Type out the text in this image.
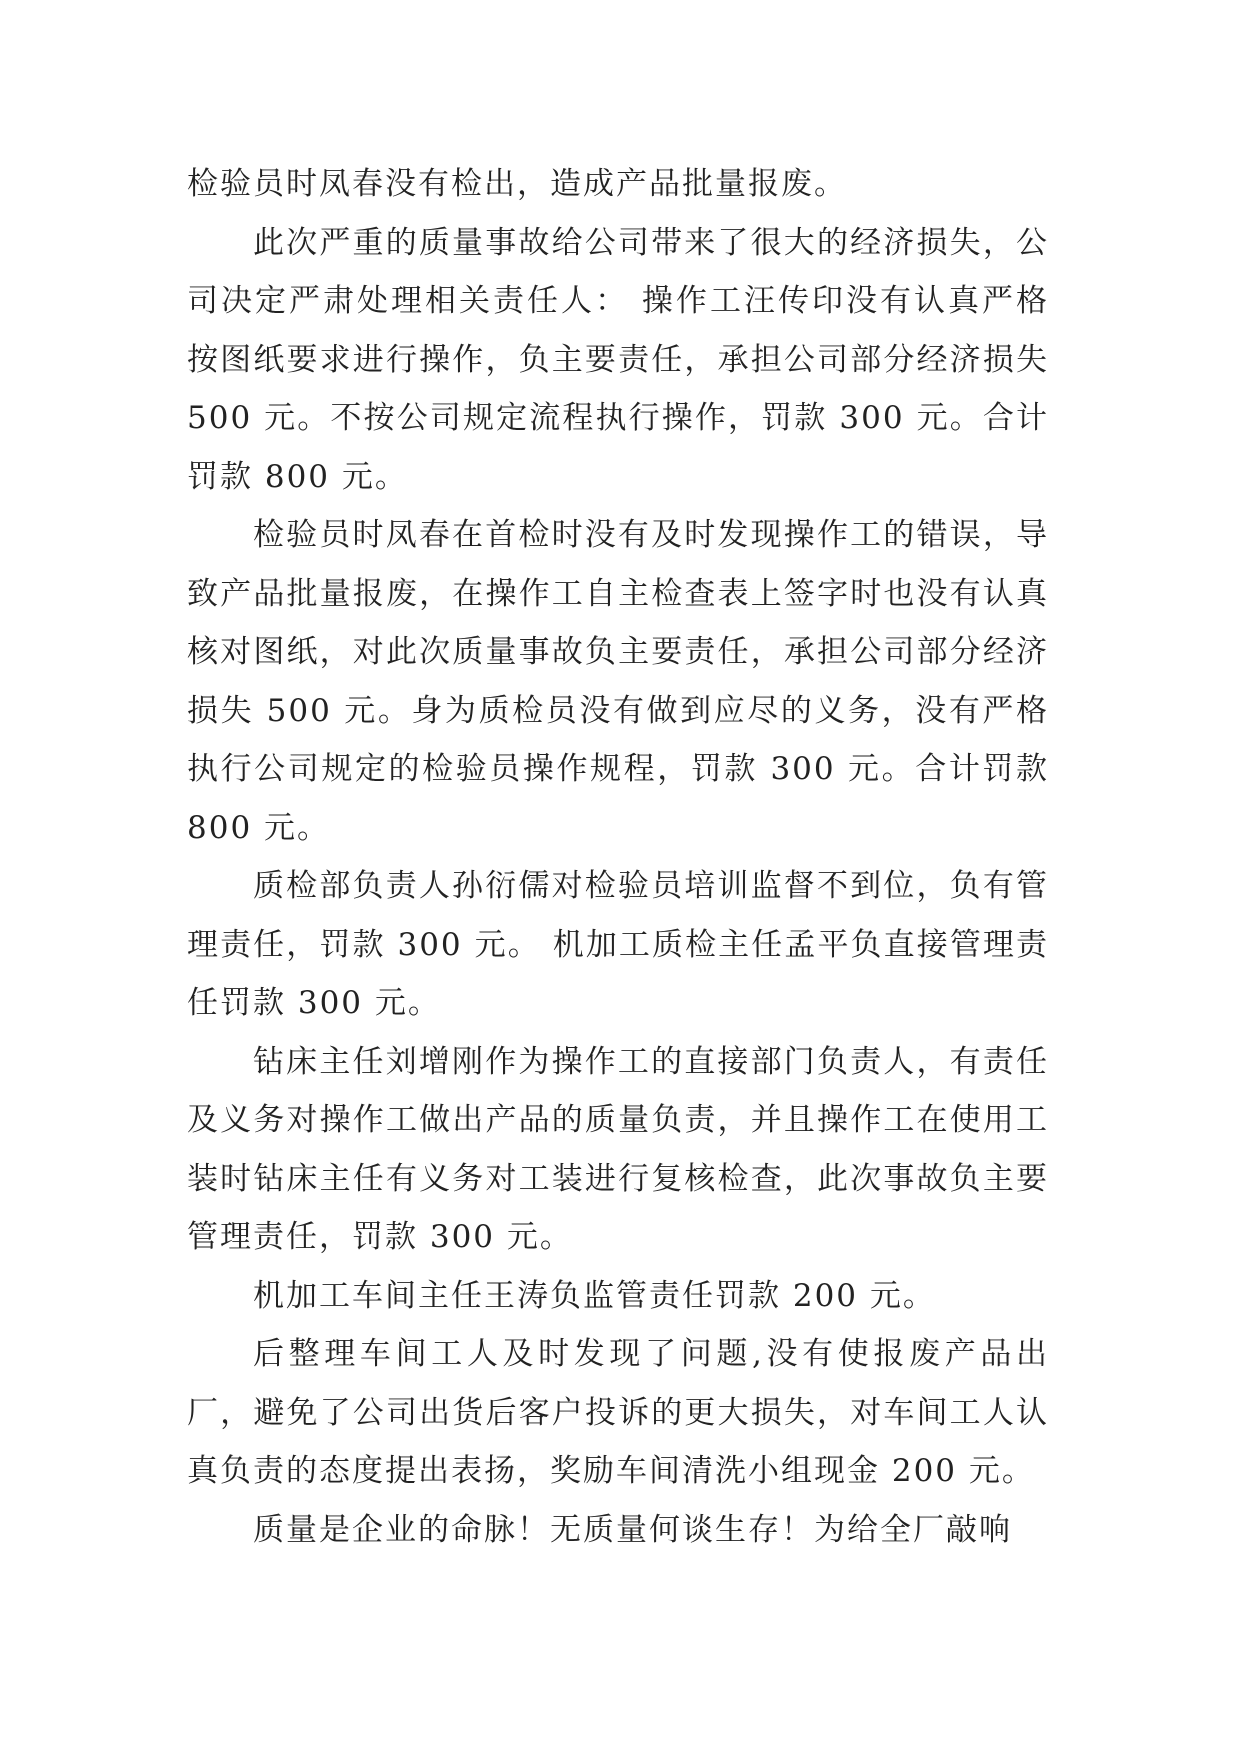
检验员时凤春没有检出，造成产品批量报废。

此次严重的质量事故给公司带来了很大的经济损失，公司决定严肃处理相关责任人： 操作工汪传印没有认真严格按图纸要求进行操作，负主要责任，承担公司部分经济损失500 元。不按公司规定流程执行操作，罚款 300 元。合计罚款 800 元。

检验员时凤春在首检时没有及时发现操作工的错误，导致产品批量报废，在操作工自主检查表上签字时也没有认真核对图纸，对此次质量事故负主要责任，承担公司部分经济损失 500 元。身为质检员没有做到应尽的义务，没有严格执行公司规定的检验员操作规程，罚款 300 元。合计罚款 800 元。

质检部负责人孙衍儒对检验员培训监督不到位，负有管理责任，罚款 300 元。 机加工质检主任孟平负直接管理责任罚款 300 元。

钻床主任刘增刚作为操作工的直接部门负责人，有责任及义务对操作工做出产品的质量负责，并且操作工在使用工装时钻床主任有义务对工装进行复核检查，此次事故负主要管理责任，罚款 300 元。

机加工车间主任王涛负监管责任罚款 200 元。

后整理车间工人及时发现了问题,没有使报废产品出厂，避免了公司出货后客户投诉的更大损失，对车间工人认真负责的态度提出表扬，奖励车间清洗小组现金 200 元。

质量是企业的命脉！无质量何谈生存！为给全厂敲响
